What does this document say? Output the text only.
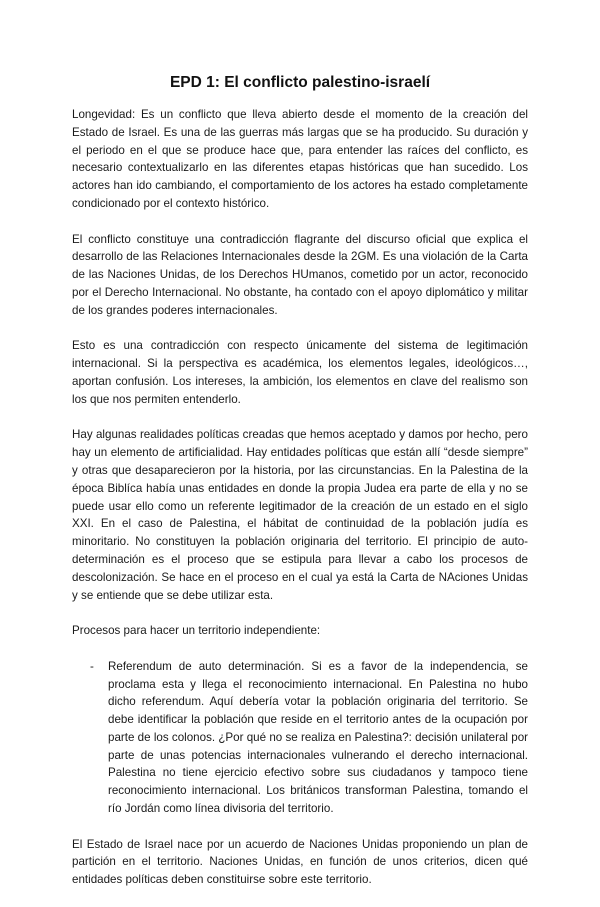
EPD 1: El conflicto palestino-israelí

Longevidad: Es un conflicto que lleva abierto desde el momento de la creación del Estado de Israel. Es una de las guerras más largas que se ha producido. Su duración y el periodo en el que se produce hace que, para entender las raíces del conflicto, es necesario contextualizarlo en las diferentes etapas históricas que han sucedido. Los actores han ido cambiando, el comportamiento de los actores ha estado completamente condicionado por el contexto histórico.

El conflicto constituye una contradicción flagrante del discurso oficial que explica el desarrollo de las Relaciones Internacionales desde la 2GM. Es una violación de la Carta de las Naciones Unidas, de los Derechos HUmanos, cometido por un actor, reconocido por el Derecho Internacional. No obstante, ha contado con el apoyo diplomático y militar de los grandes poderes internacionales.

Esto es una contradicción con respecto únicamente del sistema de legitimación internacional. Si la perspectiva es académica, los elementos legales, ideológicos…, aportan confusión. Los intereses, la ambición, los elementos en clave del realismo son los que nos permiten entenderlo.

Hay algunas realidades políticas creadas que hemos aceptado y damos por hecho, pero hay un elemento de artificialidad. Hay entidades políticas que están allí “desde siempre” y otras que desaparecieron por la historia, por las circunstancias. En la Palestina de la época Biblíca había unas entidades en donde la propia Judea era parte de ella y no se puede usar ello como un referente legitimador de la creación de un estado en el siglo XXI. En el caso de Palestina, el hábitat de continuidad de la población judía es minoritario. No constituyen la población originaria del territorio. El principio de auto-determinación es el proceso que se estipula para llevar a cabo los procesos de descolonización. Se hace en el proceso en el cual ya está la Carta de NAciones Unidas y se entiende que se debe utilizar esta.

Procesos para hacer un territorio independiente:

- Referendum de auto determinación. Si es a favor de la independencia, se proclama esta y llega el reconocimiento internacional. En Palestina no hubo dicho referendum. Aquí debería votar la población originaria del territorio. Se debe identificar la población que reside en el territorio antes de la ocupación por parte de los colonos. ¿Por qué no se realiza en Palestina?: decisión unilateral por parte de unas potencias internacionales vulnerando el derecho internacional. Palestina no tiene ejercicio efectivo sobre sus ciudadanos y tampoco tiene reconocimiento internacional. Los británicos transforman Palestina, tomando el río Jordán como línea divisoria del territorio.

El Estado de Israel nace por un acuerdo de Naciones Unidas proponiendo un plan de partición en el territorio. Naciones Unidas, en función de unos criterios, dicen qué entidades políticas deben constituirse sobre este territorio.
